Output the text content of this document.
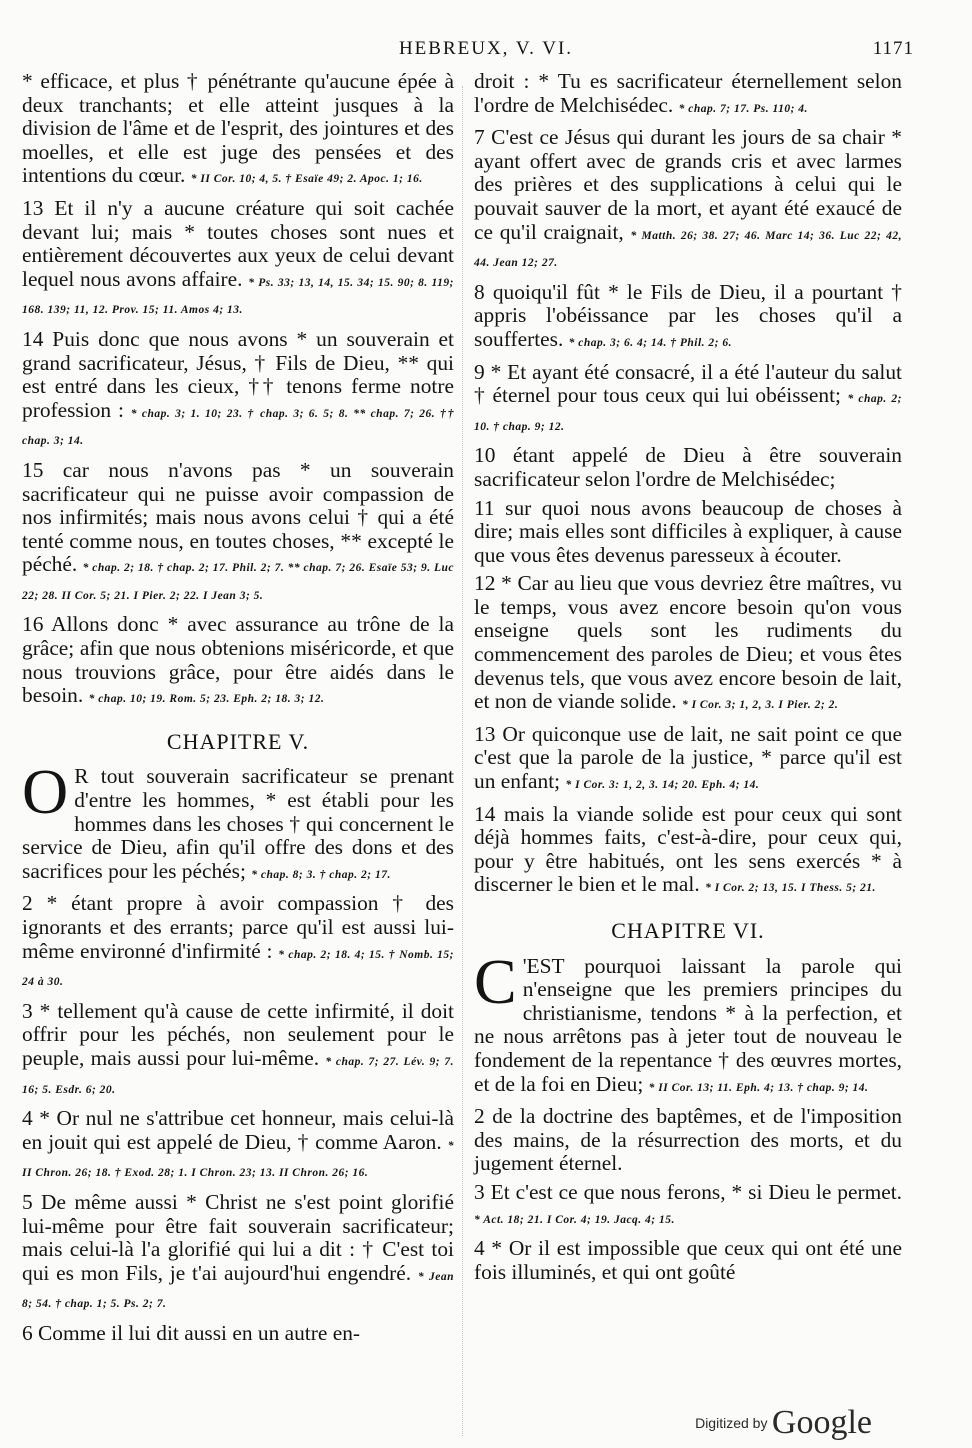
HEBREUX, V. VI.	1171

* efficace, et plus † pénétrante qu'aucune épée à deux tranchants; et elle atteint jusques à la division de l'âme et de l'esprit, des jointures et des moelles, et elle est juge des pensées et des intentions du cœur. * II Cor. 10; 4, 5. † Esaïe 49; 2. Apoc. 1; 16.

13 Et il n'y a aucune créature qui soit cachée devant lui; mais * toutes choses sont nues et entièrement découvertes aux yeux de celui devant lequel nous avons affaire. * Ps. 33; 13, 14, 15. 34; 15. 90; 8. 119; 168. 139; 11, 12. Prov. 15; 11. Amos 4; 13.

14 Puis donc que nous avons * un souverain et grand sacrificateur, Jésus, † Fils de Dieu, ** qui est entré dans les cieux, †† tenons ferme notre profession : * chap. 3; 1. 10; 23. † chap. 3; 6. 5; 8. ** chap. 7; 26. †† chap. 3; 14.

15 car nous n'avons pas * un souverain sacrificateur qui ne puisse avoir compassion de nos infirmités; mais nous avons celui † qui a été tenté comme nous, en toutes choses, ** excepté le péché. * chap. 2; 18. † chap. 2; 17. Phil. 2; 7. ** chap. 7; 26. Esaïe 53; 9. Luc 22; 28. II Cor. 5; 21. I Pier. 2; 22. I Jean 3; 5.

16 Allons donc * avec assurance au trône de la grâce; afin que nous obtenions miséricorde, et que nous trouvions grâce, pour être aidés dans le besoin. * chap. 10; 19. Rom. 5; 23. Eph. 2; 18. 3; 12.

CHAPITRE V.

O R tout souverain sacrificateur se prenant d'entre les hommes, * est établi pour les hommes dans les choses † qui concernent le service de Dieu, afin qu'il offre des dons et des sacrifices pour les péchés; * chap. 8; 3. † chap. 2; 17.

2 * étant propre à avoir compassion † des ignorants et des errants; parce qu'il est aussi lui-même environné d'infirmité : * chap. 2; 18. 4; 15. † Nomb. 15; 24 à 30.

3 * tellement qu'à cause de cette infirmité, il doit offrir pour les péchés, non seulement pour le peuple, mais aussi pour lui-même. * chap. 7; 27. Lév. 9; 7. 16; 5. Esdr. 6; 20.

4 * Or nul ne s'attribue cet honneur, mais celui-là en jouit qui est appelé de Dieu, † comme Aaron. * II Chron. 26; 18. † Exod. 28; 1. I Chron. 23; 13. II Chron. 26; 16.

5 De même aussi * Christ ne s'est point glorifié lui-même pour être fait souverain sacrificateur; mais celui-là l'a glorifié qui lui a dit : † C'est toi qui es mon Fils, je t'ai aujourd'hui engendré. * Jean 8; 54. † chap. 1; 5. Ps. 2; 7.

6 Comme il lui dit aussi en un autre en-

droit : * Tu es sacrificateur éternellement selon l'ordre de Melchisédec. * chap. 7; 17. Ps. 110; 4.

7 C'est ce Jésus qui durant les jours de sa chair * ayant offert avec de grands cris et avec larmes des prières et des supplications à celui qui le pouvait sauver de la mort, et ayant été exaucé de ce qu'il craignait, * Matth. 26; 38. 27; 46. Marc 14; 36. Luc 22; 42, 44. Jean 12; 27.

8 quoiqu'il fût * le Fils de Dieu, il a pourtant † appris l'obéissance par les choses qu'il a souffertes. * chap. 3; 6. 4; 14. † Phil. 2; 6.

9 * Et ayant été consacré, il a été l'auteur du salut † éternel pour tous ceux qui lui obéissent; * chap. 2; 10. † chap. 9; 12.

10 étant appelé de Dieu à être souverain sacrificateur selon l'ordre de Melchisédec;

11 sur quoi nous avons beaucoup de choses à dire; mais elles sont difficiles à expliquer, à cause que vous êtes devenus paresseux à écouter.

12 * Car au lieu que vous devriez être maîtres, vu le temps, vous avez encore besoin qu'on vous enseigne quels sont les rudiments du commencement des paroles de Dieu; et vous êtes devenus tels, que vous avez encore besoin de lait, et non de viande solide. * I Cor. 3; 1, 2, 3. I Pier. 2; 2.

13 Or quiconque use de lait, ne sait point ce que c'est que la parole de la justice, * parce qu'il est un enfant; * I Cor. 3: 1, 2, 3. 14; 20. Eph. 4; 14.

14 mais la viande solide est pour ceux qui sont déjà hommes faits, c'est-à-dire, pour ceux qui, pour y être habitués, ont les sens exercés * à discerner le bien et le mal. * I Cor. 2; 13, 15. I Thess. 5; 21.

CHAPITRE VI.

C 'EST pourquoi laissant la parole qui n'enseigne que les premiers principes du christianisme, tendons * à la perfection, et ne nous arrêtons pas à jeter tout de nouveau le fondement de la repentance † des œuvres mortes, et de la foi en Dieu; * II Cor. 13; 11. Eph. 4; 13. † chap. 9; 14.

2 de la doctrine des baptêmes, et de l'imposition des mains, de la résurrection des morts, et du jugement éternel.

3 Et c'est ce que nous ferons, * si Dieu le permet. * Act. 18; 21. I Cor. 4; 19. Jacq. 4; 15.

4 * Or il est impossible que ceux qui ont été une fois illuminés, et qui ont goûté

Digitized by Google
